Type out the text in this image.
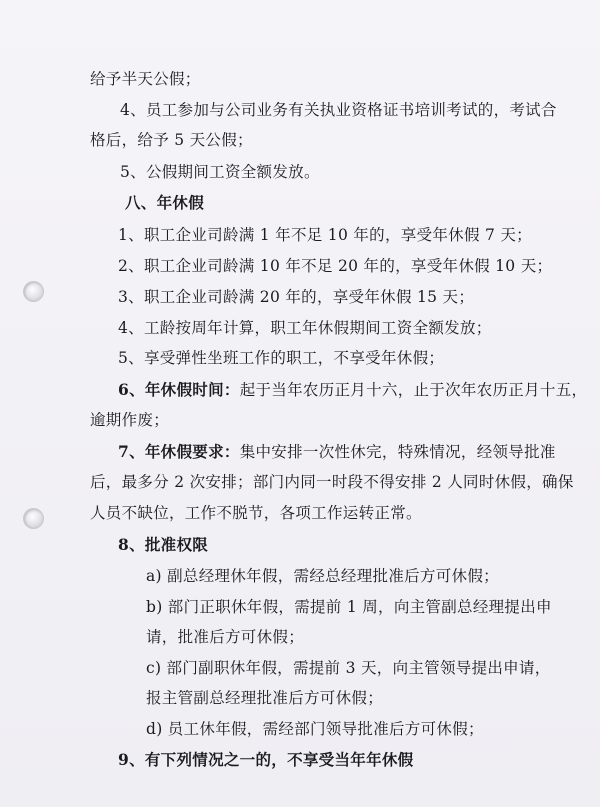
给予半天公假；
4、员工参加与公司业务有关执业资格证书培训考试的，考试合
格后，给予 5 天公假；
5、公假期间工资全额发放。
八、年休假
1、职工企业司龄满 1 年不足 10 年的，享受年休假 7 天；
2、职工企业司龄满 10 年不足 20 年的，享受年休假 10 天；
3、职工企业司龄满 20 年的，享受年休假 15 天；
4、工龄按周年计算，职工年休假期间工资全额发放；
5、享受弹性坐班工作的职工，不享受年休假；
6、年休假时间：起于当年农历正月十六，止于次年农历正月十五，
逾期作废；
7、年休假要求：集中安排一次性休完，特殊情况，经领导批准
后，最多分 2 次安排；部门内同一时段不得安排 2 人同时休假，确保
人员不缺位，工作不脱节，各项工作运转正常。
8、批准权限
a) 副总经理休年假，需经总经理批准后方可休假；
b) 部门正职休年假，需提前 1 周，向主管副总经理提出申
请，批准后方可休假；
c) 部门副职休年假，需提前 3 天，向主管领导提出申请，
报主管副总经理批准后方可休假；
d) 员工休年假，需经部门领导批准后方可休假；
9、有下列情况之一的，不享受当年年休假
